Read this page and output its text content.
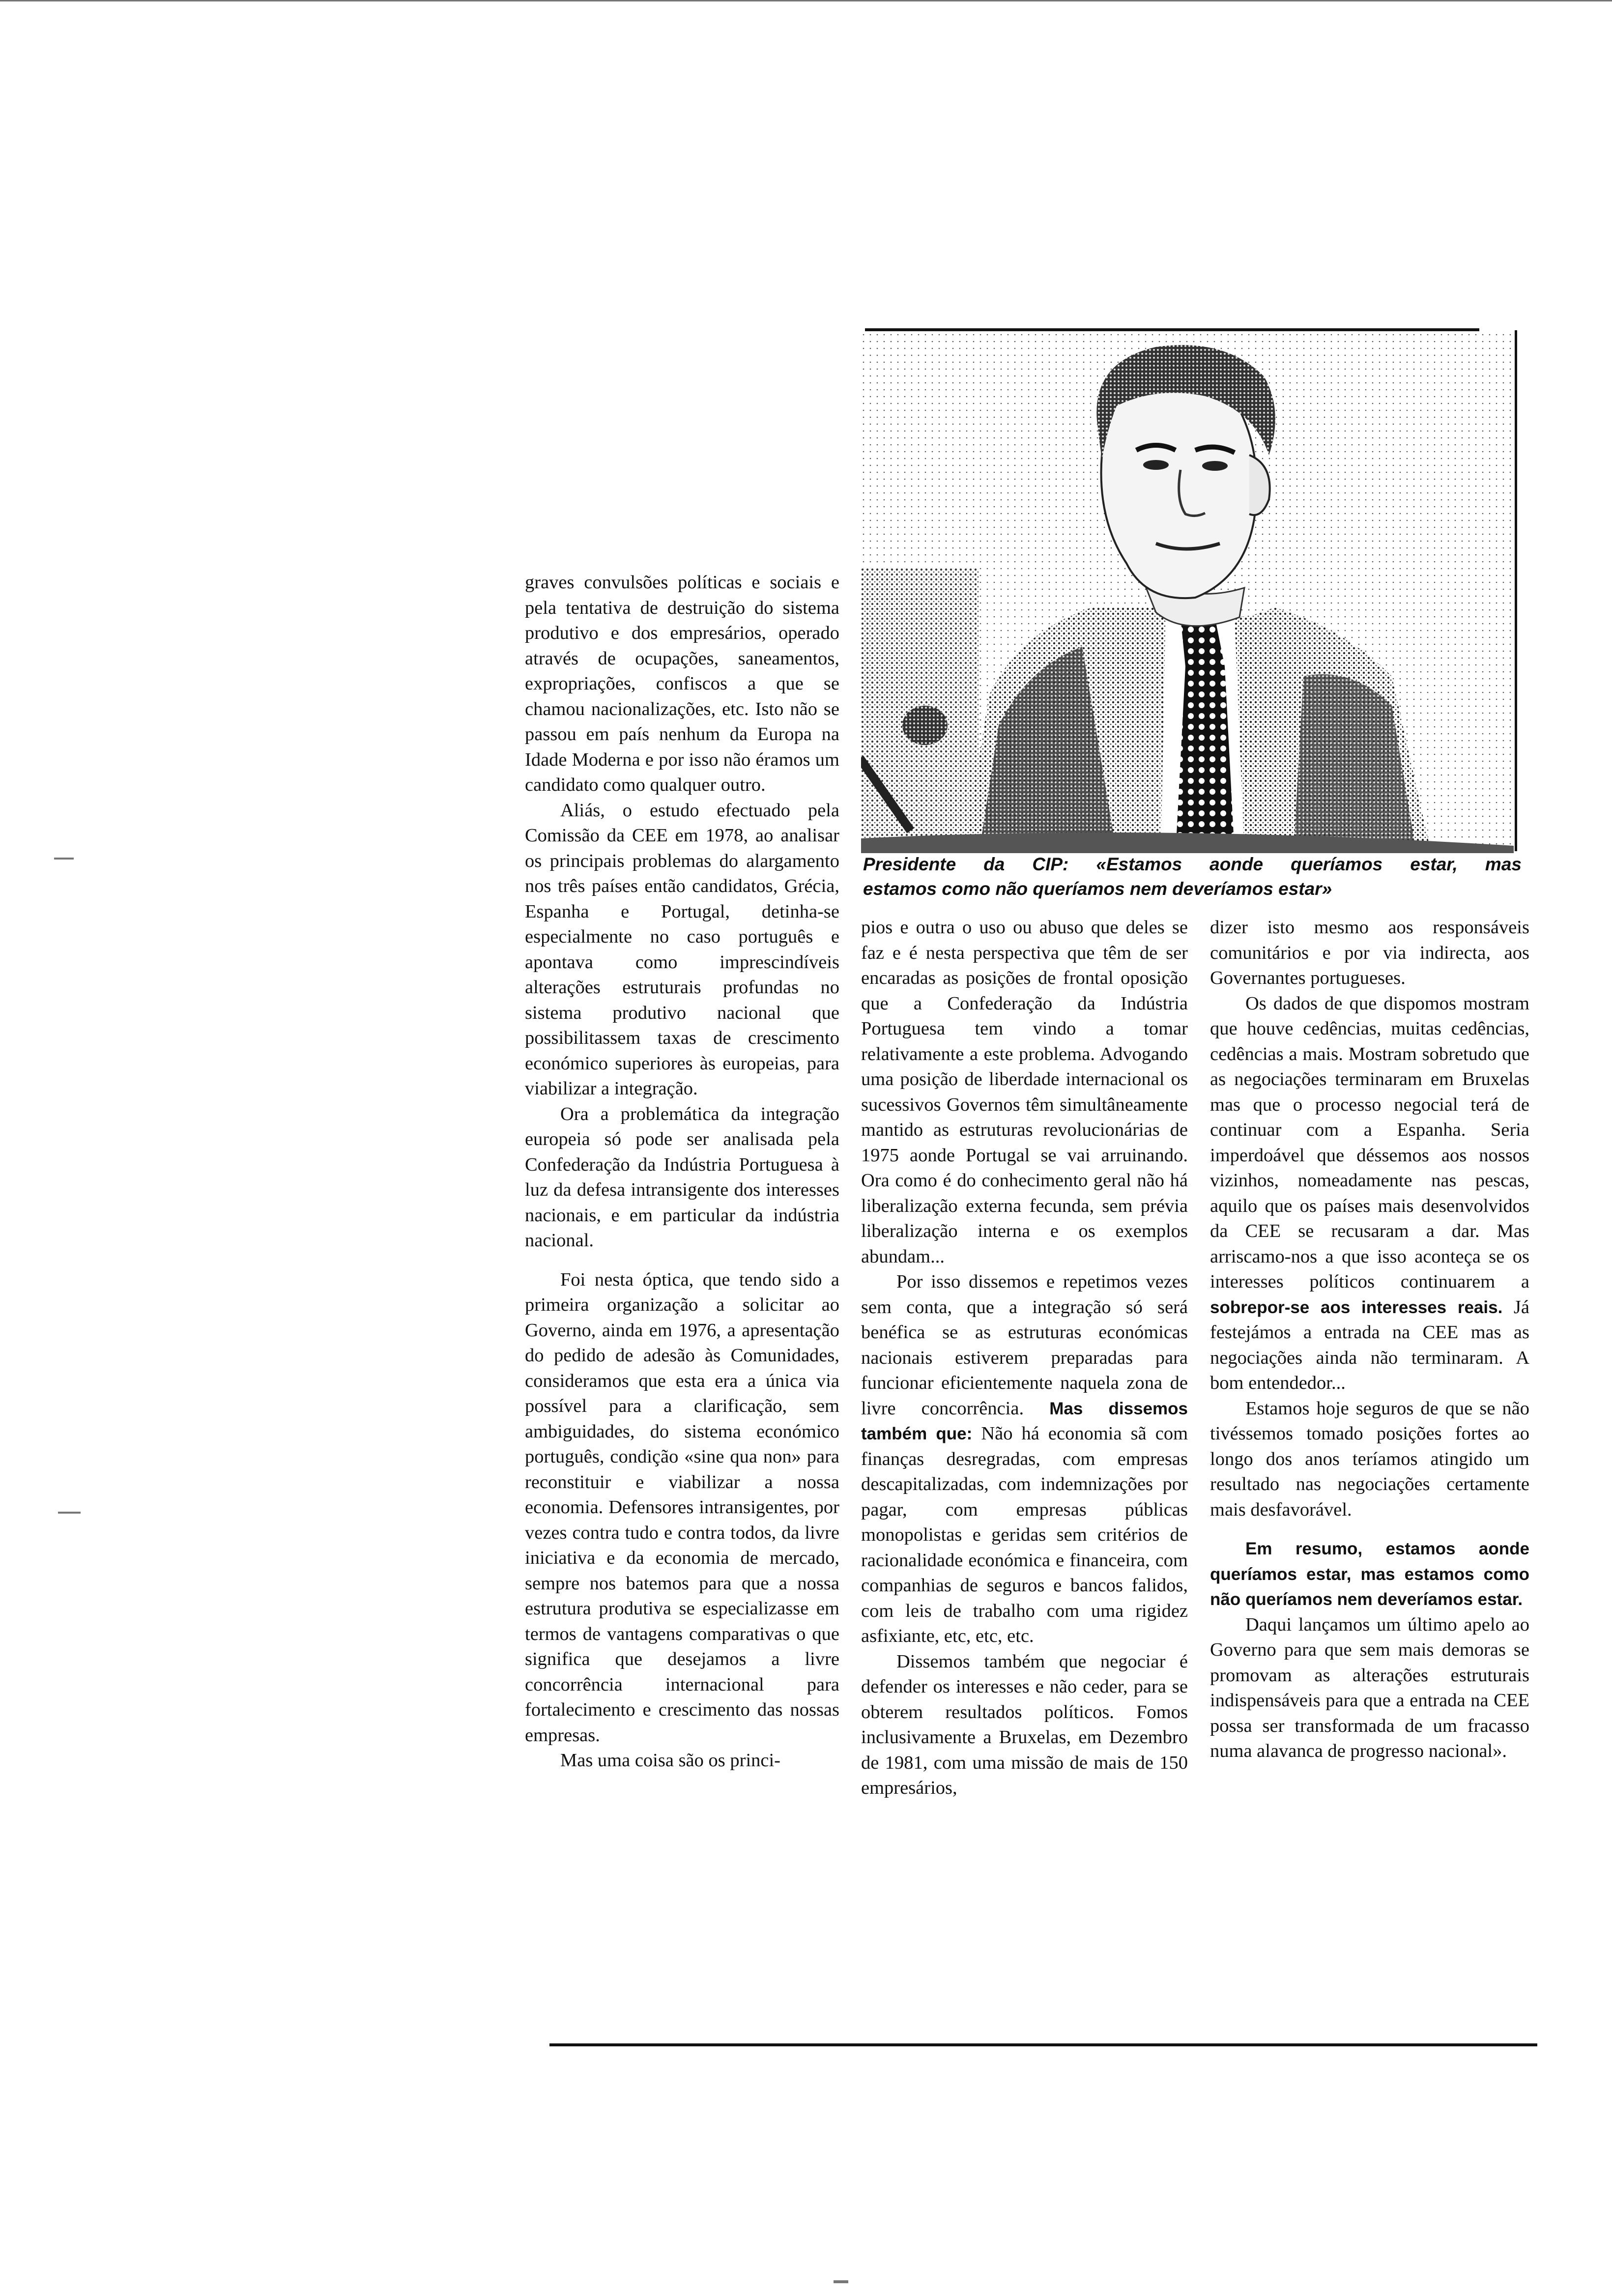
Presidente da CIP: «Estamos aonde queríamos estar, mas
estamos como não queríamos nem deveríamos estar»

graves convulsões políticas e sociais e pela tentativa de destruição do sistema produtivo e dos empresários, operado através de ocupações, saneamentos, expropriações, confiscos a que se chamou nacionalizações, etc. Isto não se passou em país nenhum da Europa na Idade Moderna e por isso não éramos um candidato como qualquer outro.

Aliás, o estudo efectuado pela Comissão da CEE em 1978, ao analisar os principais problemas do alargamento nos três países então candidatos, Grécia, Espanha e Portugal, detinha-se especialmente no caso português e apontava como imprescindíveis alterações estruturais profundas no sistema produtivo nacional que possibilitassem taxas de crescimento económico superiores às europeias, para viabilizar a integração.

Ora a problemática da integração europeia só pode ser analisada pela Confederação da Indústria Portuguesa à luz da defesa intransigente dos interesses nacionais, e em particular da indústria nacional.

Foi nesta óptica, que tendo sido a primeira organização a solicitar ao Governo, ainda em 1976, a apresentação do pedido de adesão às Comunidades, consideramos que esta era a única via possível para a clarificação, sem ambiguidades, do sistema económico português, condição «sine qua non» para reconstituir e viabilizar a nossa economia. Defensores intransigentes, por vezes contra tudo e contra todos, da livre iniciativa e da economia de mercado, sempre nos batemos para que a nossa estrutura produtiva se especializasse em termos de vantagens comparativas o que significa que desejamos a livre concorrência internacional para fortalecimento e crescimento das nossas empresas.

Mas uma coisa são os princi-

pios e outra o uso ou abuso que deles se faz e é nesta perspectiva que têm de ser encaradas as posições de frontal oposição que a Confederação da Indústria Portuguesa tem vindo a tomar relativamente a este problema. Advogando uma posição de liberdade internacional os sucessivos Governos têm simultâneamente mantido as estruturas revolucionárias de 1975 aonde Portugal se vai arruinando. Ora como é do conhecimento geral não há liberalização externa fecunda, sem prévia liberalização interna e os exemplos abundam...

Por isso dissemos e repetimos vezes sem conta, que a integração só será benéfica se as estruturas económicas nacionais estiverem preparadas para funcionar eficientemente naquela zona de livre concorrência. Mas dissemos também que: Não há economia sã com finanças desregradas, com empresas descapitalizadas, com indemnizações por pagar, com empresas públicas monopolistas e geridas sem critérios de racionalidade económica e financeira, com companhias de seguros e bancos falidos, com leis de trabalho com uma rigidez asfixiante, etc, etc, etc.

Dissemos também que negociar é defender os interesses e não ceder, para se obterem resultados políticos. Fomos inclusivamente a Bruxelas, em Dezembro de 1981, com uma missão de mais de 150 empresários,

dizer isto mesmo aos responsáveis comunitários e por via indirecta, aos Governantes portugueses.

Os dados de que dispomos mostram que houve cedências, muitas cedências, cedências a mais. Mostram sobretudo que as negociações terminaram em Bruxelas mas que o processo negocial terá de continuar com a Espanha. Seria imperdoável que déssemos aos nossos vizinhos, nomeadamente nas pescas, aquilo que os países mais desenvolvidos da CEE se recusaram a dar. Mas arriscamo-nos a que isso aconteça se os interesses políticos continuarem a sobrepor-se aos interesses reais. Já festejámos a entrada na CEE mas as negociações ainda não terminaram. A bom entendedor...

Estamos hoje seguros de que se não tivéssemos tomado posições fortes ao longo dos anos teríamos atingido um resultado nas negociações certamente mais desfavorável.

Em resumo, estamos aonde queríamos estar, mas estamos como não queríamos nem deveríamos estar.

Daqui lançamos um último apelo ao Governo para que sem mais demoras se promovam as alterações estruturais indispensáveis para que a entrada na CEE possa ser transformada de um fracasso numa alavanca de progresso nacional».
